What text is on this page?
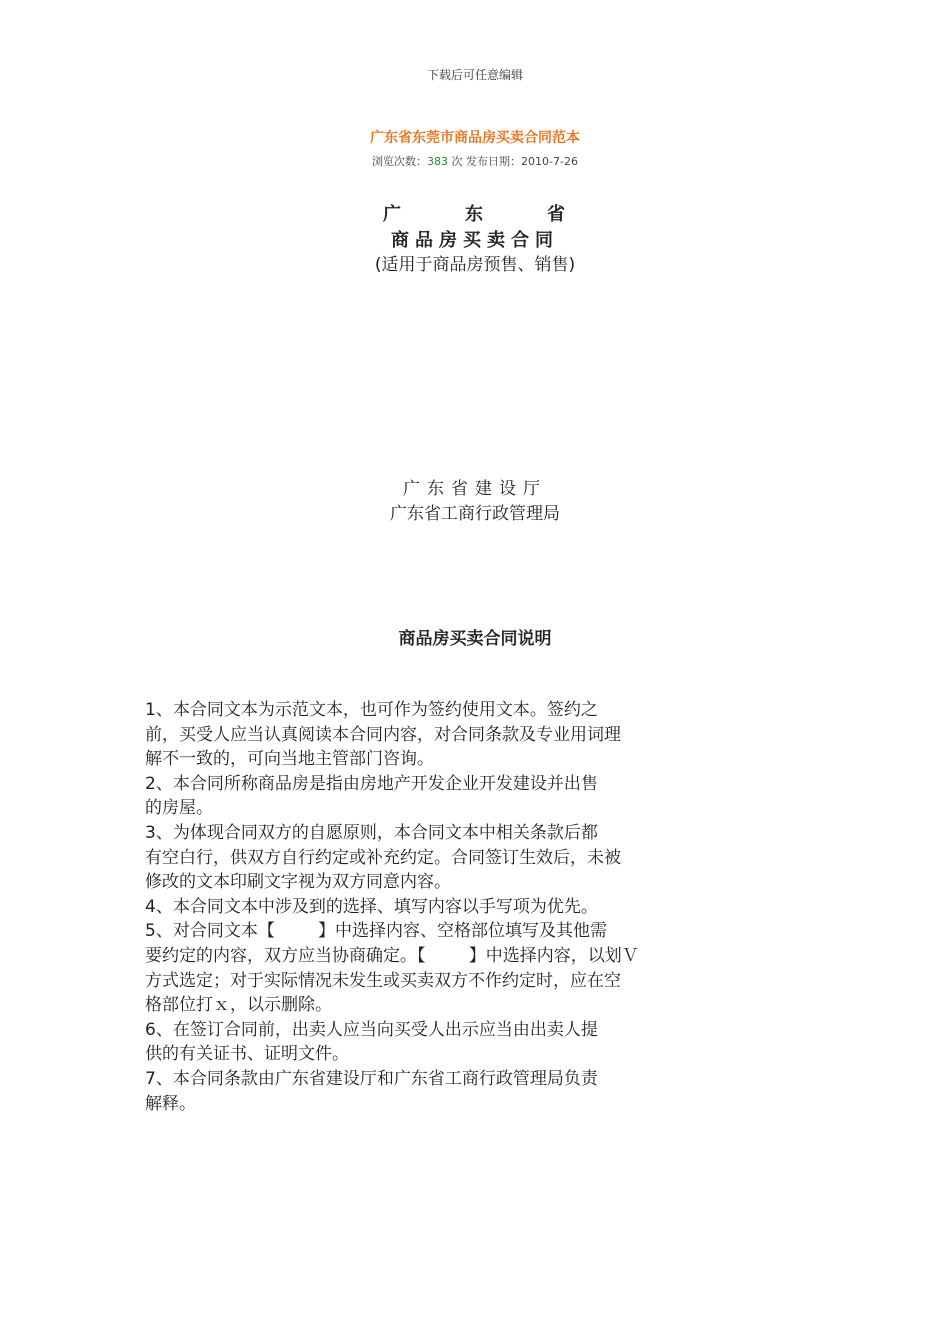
下载后可任意编辑
广东省东莞市商品房买卖合同范本
浏览次数：383 次 发布日期：2010-7-26
广	东	省
商品房买卖合同
(适用于商品房预售、销售)
广东省建设厅
广东省工商行政管理局
商品房买卖合同说明
1、本合同文本为示范文本，也可作为签约使用文本。签约之
前，买受人应当认真阅读本合同内容，对合同条款及专业用词理
解不一致的，可向当地主管部门咨询。
2、本合同所称商品房是指由房地产开发企业开发建设并出售
的房屋。
3、为体现合同双方的自愿原则，本合同文本中相关条款后都
有空白行，供双方自行约定或补充约定。合同签订生效后，未被
修改的文本印刷文字视为双方同意内容。
4、本合同文本中涉及到的选择、填写内容以手写项为优先。
5、对合同文本【        】中选择内容、空格部位填写及其他需
要约定的内容，双方应当协商确定。【        】中选择内容，以划Ｖ
方式选定；对于实际情况未发生或买卖双方不作约定时，应在空
格部位打ｘ，以示删除。
6、在签订合同前，出卖人应当向买受人出示应当由出卖人提
供的有关证书、证明文件。
7、本合同条款由广东省建设厅和广东省工商行政管理局负责
解释。
